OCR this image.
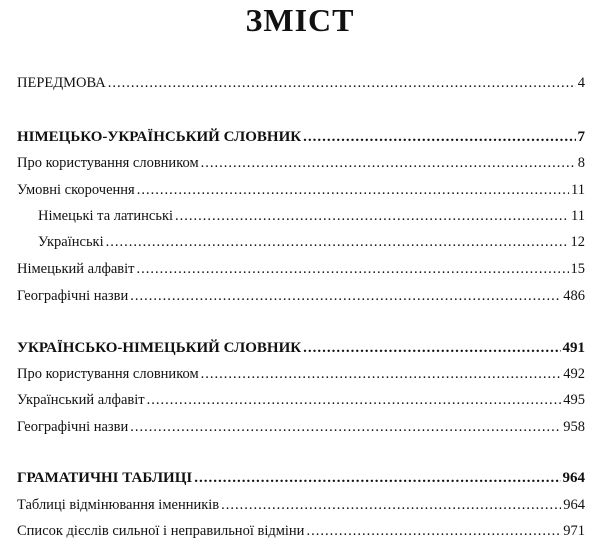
ЗМІСТ
ПЕРЕДМОВА .....	4
НІМЕЦЬКО-УКРАЇНСЬКИЙ СЛОВНИК .....	7
Про користування словником .....	8
Умовні скорочення .....	11
Німецькі та латинські .....	11
Українські .....	12
Німецький алфавіт .....	15
Географічні назви .....	486
УКРАЇНСЬКО-НІМЕЦЬКИЙ СЛОВНИК .....	491
Про користування словником .....	492
Український алфавіт .....	495
Географічні назви .....	958
ГРАМАТИЧНІ ТАБЛИЦІ .....	964
Таблиці відмінювання іменників .....	964
Список дієслів сильної і неправильної відміни .....	971
